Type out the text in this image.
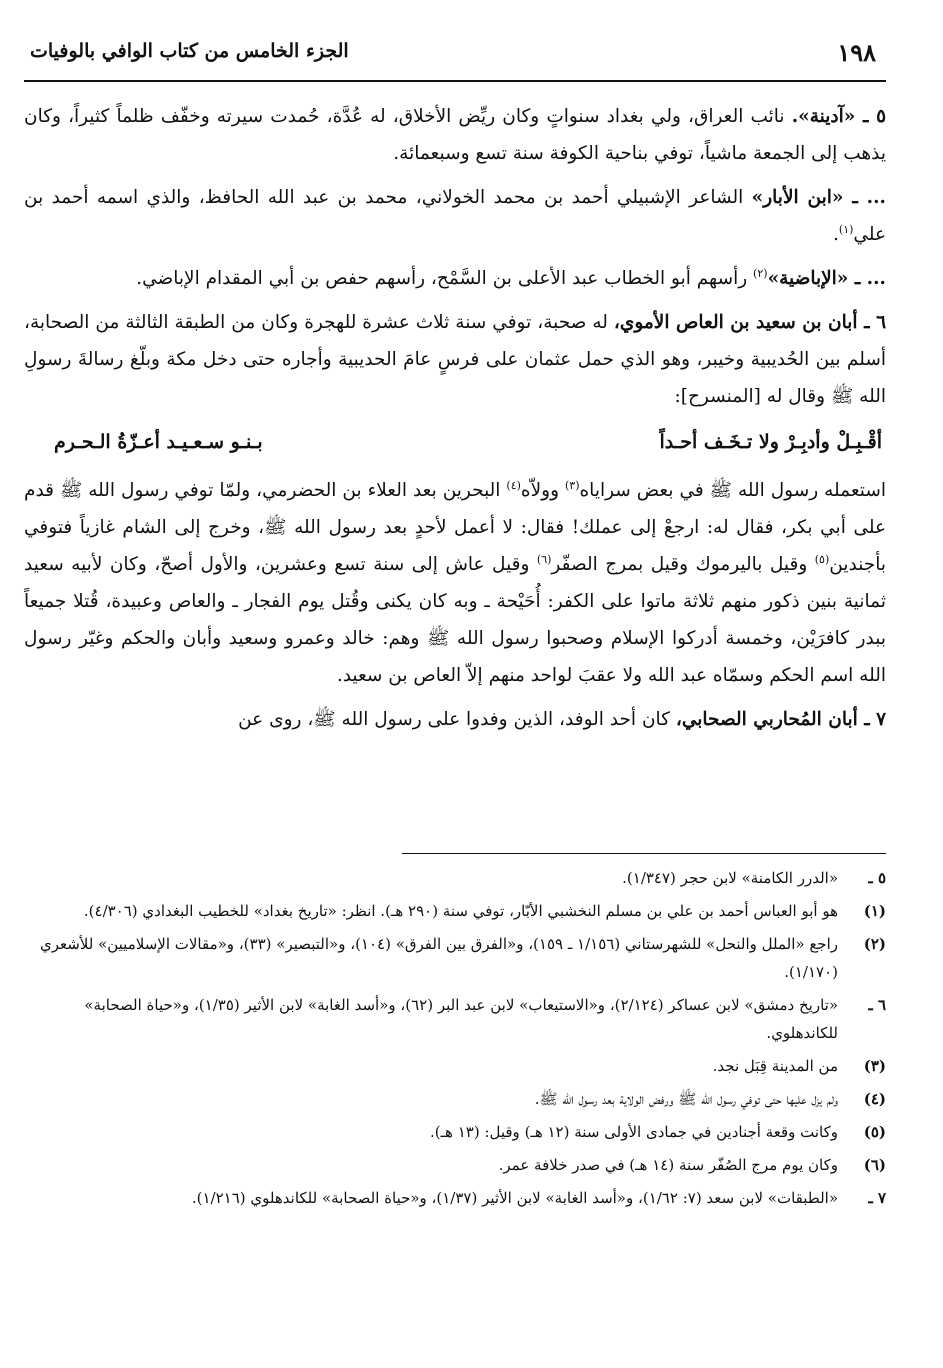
١٩٨
الجزء الخامس من كتاب الوافي بالوفيات

٥ ـ «آدينة». نائب العراق، ولي بغداد سنواتٍ وكان ريِّض الأخلاق، له عُدَّة، حُمدت سيرته وخفّف ظلماً كثيراً، وكان يذهب إلى الجمعة ماشياً، توفي بناحية الكوفة سنة تسع وسبعمائة.

... ـ «ابن الأبار» الشاعر الإشبيلي أحمد بن محمد الخولاني، محمد بن عبد الله الحافظ، والذي اسمه أحمد بن علي$^{(١)}$.

... ـ «الإباضية»$^{(٢)}$ رأسهم أبو الخطاب عبد الأعلى بن السَّمْح، رأسهم حفص بن أبي المقدام الإباضي.

٦ ـ أبان بن سعيد بن العاص الأموي، له صحبة، توفي سنة ثلاث عشرة للهجرة وكان من الطبقة الثالثة من الصحابة، أسلم بين الحُديبية وخيبر، وهو الذي حمل عثمان على فرسٍ عامَ الحديبية وأجاره حتى دخل مكة وبلّغ رسالةَ رسولِ الله ﷺ وقال له [المنسرح]:

أقْـبِـلْ وأدبِـرْ ولا تـخَـف أحـداً
بـنـو سـعـيـد أعـزّةُ الـحـرم

استعمله رسول الله ﷺ في بعض سراياه$^{(٣)}$ وولاّه$^{(٤)}$ البحرين بعد العلاء بن الحضرمي، ولمّا توفي رسول الله ﷺ قدم على أبي بكر، فقال له: ارجعْ إلى عملك! فقال: لا أعمل لأحدٍ بعد رسول الله ﷺ، وخرج إلى الشام غازياً فتوفي بأجندين$^{(٥)}$ وقيل باليرموك وقيل بمرج الصفّر$^{(٦)}$ وقيل عاش إلى سنة تسع وعشرين، والأول أصحّ، وكان لأبيه سعيد ثمانية بنين ذكور منهم ثلاثة ماتوا على الكفر: أُحَيْحة ـ وبه كان يكنى وقُتل يوم الفجار ـ والعاص وعبيدة، قُتلا جميعاً ببدر كافرَيْن، وخمسة أدركوا الإسلام وصحبوا رسول الله ﷺ وهم: خالد وعمرو وسعيد وأبان والحكم وغيّر رسول الله اسم الحكم وسمّاه عبد الله ولا عقبَ لواحد منهم إلاّ العاص بن سعيد.

٧ ـ أبان المُحاربي الصحابي، كان أحد الوفد، الذين وفدوا على رسول الله ﷺ، روى عن

٥ ـ
«الدرر الكامنة» لابن حجر (١/٣٤٧).
(١)
هو أبو العباس أحمد بن علي بن مسلم النخشبي الأبّار، توفي سنة (٢٩٠ هـ). انظر: «تاريخ بغداد» للخطيب البغدادي (٤/٣٠٦).
(٢)
راجع «الملل والنحل» للشهرستاني (١/١٥٦ ـ ١٥٩)، و«الفرق بين الفرق» (١٠٤)، و«التبصير» (٣٣)، و«مقالات الإسلاميين» للأشعري (١/١٧٠).
٦ ـ
«تاريخ دمشق» لابن عساكر (٢/١٢٤)، و«الاستيعاب» لابن عبد البر (٦٢)، و«أسد الغابة» لابن الأثير (١/٣٥)، و«حياة الصحابة» للكاندهلوي.
(٣)
من المدينة قِبَل نجد.
(٤)
ولم يزل عليها حتى توفي رسول الله ﷺ ورفض الولاية بعد رسول الله ﷺ.
(٥)
وكانت وقعة أجنادين في جمادى الأولى سنة (١٢ هـ) وقيل: (١٣ هـ).
(٦)
وكان يوم مرج الصُفّر سنة (١٤ هـ) في صدر خلافة عمر.
٧ ـ
«الطبقات» لابن سعد (٧: ١/٦٢)، و«أسد الغابة» لابن الأثير (١/٣٧)، و«حياة الصحابة» للكاندهلوي (١/٢١٦).
